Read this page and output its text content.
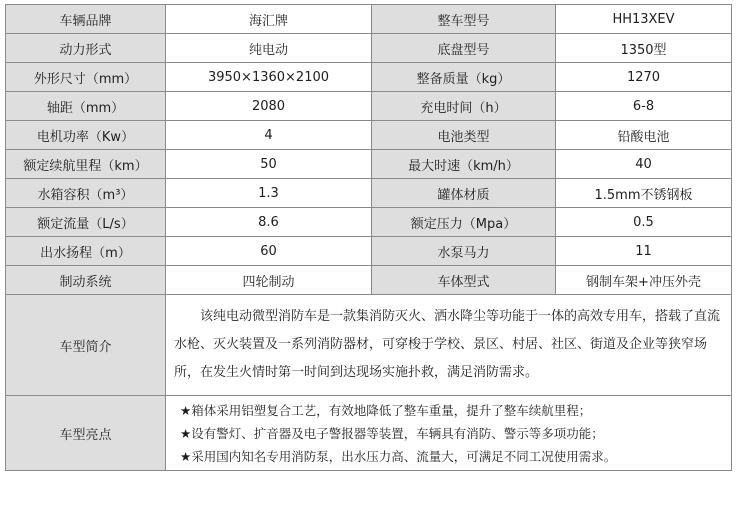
车辆品牌	海汇牌	整车型号	HH13XEV
动力形式	纯电动	底盘型号	1350型
外形尺寸（mm）	3950×1360×2100	整备质量（kg）	1270
轴距（mm）	2080	充电时间（h）	6-8
电机功率（Kw）	4	电池类型	铅酸电池
额定续航里程（km）	50	最大时速（km/h）	40
水箱容积（m³）	1.3	罐体材质	1.5mm不锈钢板
额定流量（L/s）	8.6	额定压力（Mpa）	0.5
出水扬程（m）	60	水泵马力	11
制动系统	四轮制动	车体型式	钢制车架+冲压外壳
车型简介	该纯电动微型消防车是一款集消防灭火、洒水降尘等功能于一体的高效专用车，搭载了直流水枪、灭火装置及一系列消防器材，可穿梭于学校、景区、村居、社区、街道及企业等狭窄场所，在发生火情时第一时间到达现场实施扑救，满足消防需求。		
车型亮点	★箱体采用铝塑复合工艺，有效地降低了整车重量，提升了整车续航里程；
★设有警灯、扩音器及电子警报器等装置，车辆具有消防、警示等多项功能；
★采用国内知名专用消防泵，出水压力高、流量大，可满足不同工况使用需求。		
